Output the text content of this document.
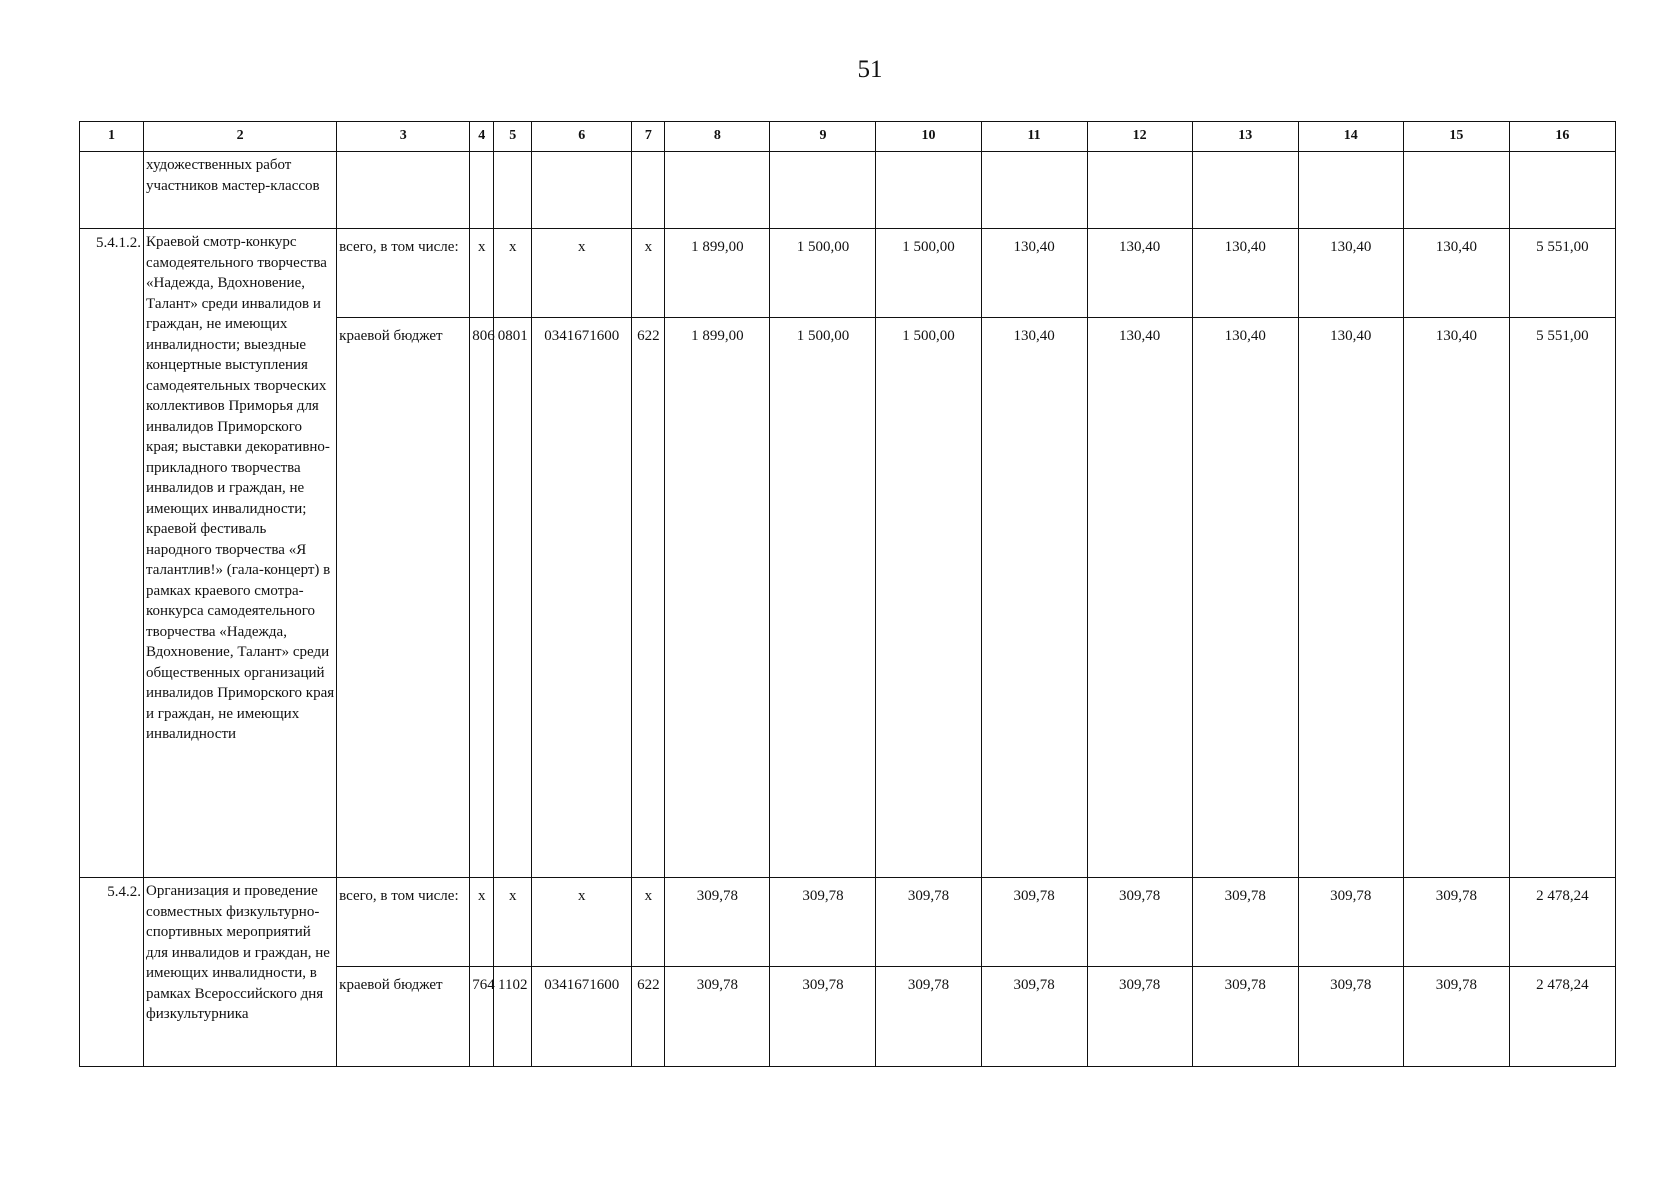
51
1	2	3	4	5	6	7	8	9	10	11	12	13	14	15	16
	художественных работ участников мастер-классов														
5.4.1.2.	Краевой смотр-конкурс самодеятельного творчества «Надежда, Вдохновение, Талант» среди инвалидов и граждан, не имеющих инвалидности; выездные концертные выступления самодеятельных творческих коллективов Приморья для инвалидов Приморского края; выставки декоративно-прикладного творчества инвалидов и граждан, не имеющих инвалидности; краевой фестиваль народного творчества «Я талантлив!» (гала-концерт) в рамках краевого смотра-конкурса самодеятельного творчества «Надежда, Вдохновение, Талант» среди общественных организаций инвалидов Приморского края и граждан, не имеющих инвалидности	всего, в том числе:	х	х	х	х	1 899,00	1 500,00	1 500,00	130,40	130,40	130,40	130,40	130,40	5 551,00
		краевой бюджет	806	0801	0341671600	622	1 899,00	1 500,00	1 500,00	130,40	130,40	130,40	130,40	130,40	5 551,00
5.4.2.	Организация и проведение совместных физкультурно-спортивных мероприятий для инвалидов и граждан, не имеющих инвалидности, в рамках Всероссийского дня физкультурника	всего, в том числе:	х	х	х	х	309,78	309,78	309,78	309,78	309,78	309,78	309,78	309,78	2 478,24
		краевой бюджет	764	1102	0341671600	622	309,78	309,78	309,78	309,78	309,78	309,78	309,78	309,78	2 478,24
